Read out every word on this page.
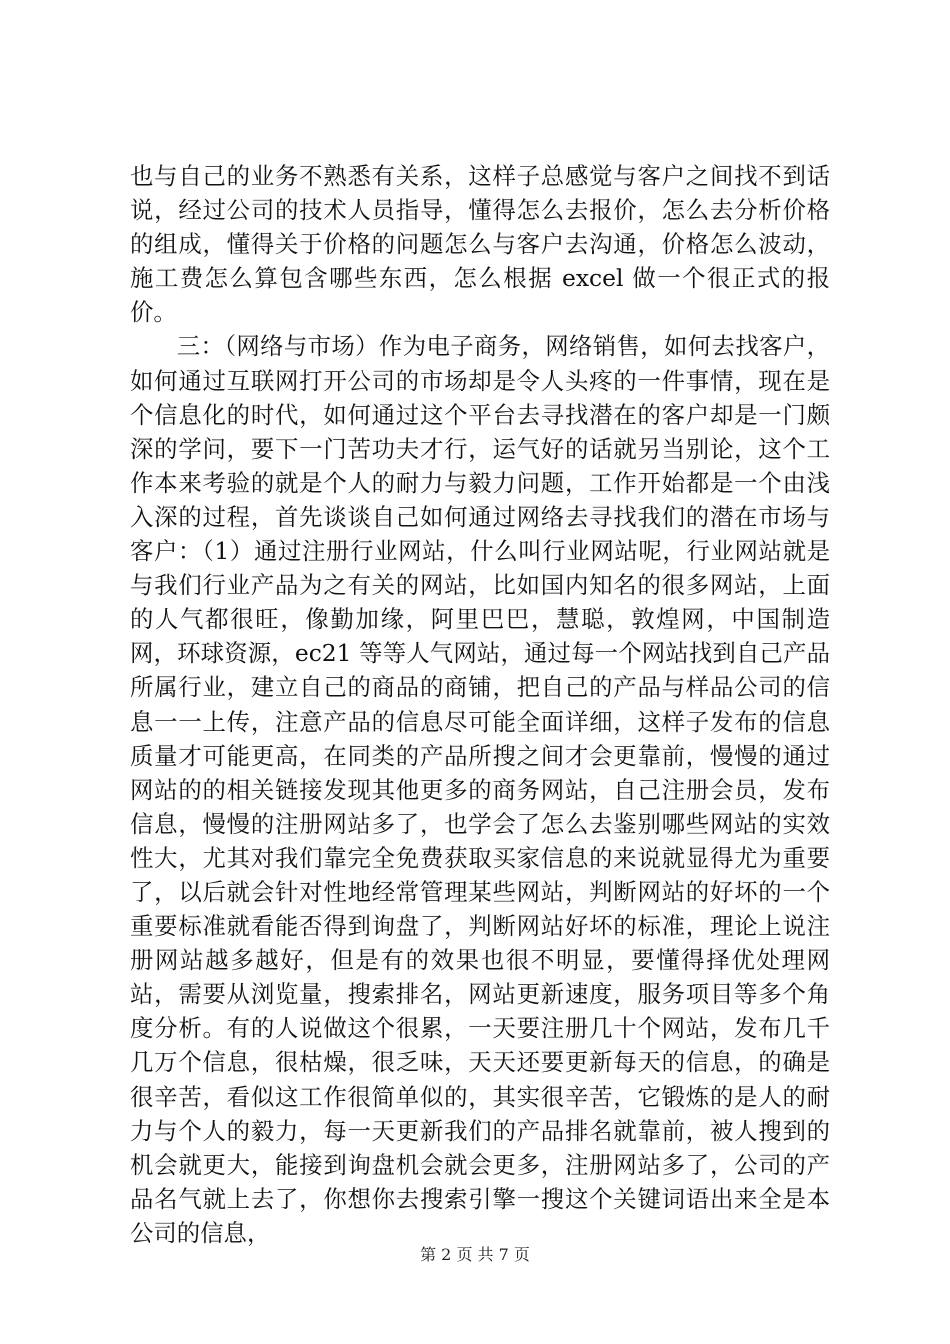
也与自己的业务不熟悉有关系，这样子总感觉与客户之间找不到话说，经过公司的技术人员指导，懂得怎么去报价，怎么去分析价格的组成，懂得关于价格的问题怎么与客户去沟通，价格怎么波动，施工费怎么算包含哪些东西，怎么根据 excel 做一个很正式的报价。

三：（网络与市场）作为电子商务，网络销售，如何去找客户，如何通过互联网打开公司的市场却是令人头疼的一件事情，现在是个信息化的时代，如何通过这个平台去寻找潜在的客户却是一门颇深的学问，要下一门苦功夫才行，运气好的话就另当别论，这个工作本来考验的就是个人的耐力与毅力问题，工作开始都是一个由浅入深的过程，首先谈谈自己如何通过网络去寻找我们的潜在市场与客户：（1）通过注册行业网站，什么叫行业网站呢，行业网站就是与我们行业产品为之有关的网站，比如国内知名的很多网站，上面的人气都很旺，像勤加缘，阿里巴巴，慧聪，敦煌网，中国制造网，环球资源，ec21 等等人气网站，通过每一个网站找到自己产品所属行业，建立自己的商品的商铺，把自己的产品与样品公司的信息一一上传，注意产品的信息尽可能全面详细，这样子发布的信息质量才可能更高，在同类的产品所搜之间才会更靠前，慢慢的通过网站的的相关链接发现其他更多的商务网站，自己注册会员，发布信息，慢慢的注册网站多了，也学会了怎么去鉴别哪些网站的实效性大，尤其对我们靠完全免费获取买家信息的来说就显得尤为重要了，以后就会针对性地经常管理某些网站，判断网站的好坏的一个重要标准就看能否得到询盘了，判断网站好坏的标准，理论上说注册网站越多越好，但是有的效果也很不明显，要懂得择优处理网站，需要从浏览量，搜索排名，网站更新速度，服务项目等多个角度分析。有的人说做这个很累，一天要注册几十个网站，发布几千几万个信息，很枯燥，很乏味，天天还要更新每天的信息，的确是很辛苦，看似这工作很简单似的，其实很辛苦，它锻炼的是人的耐力与个人的毅力，每一天更新我们的产品排名就靠前，被人搜到的机会就更大，能接到询盘机会就会更多，注册网站多了，公司的产品名气就上去了，你想你去搜索引擎一搜这个关键词语出来全是本公司的信息，

第 2 页 共 7 页
